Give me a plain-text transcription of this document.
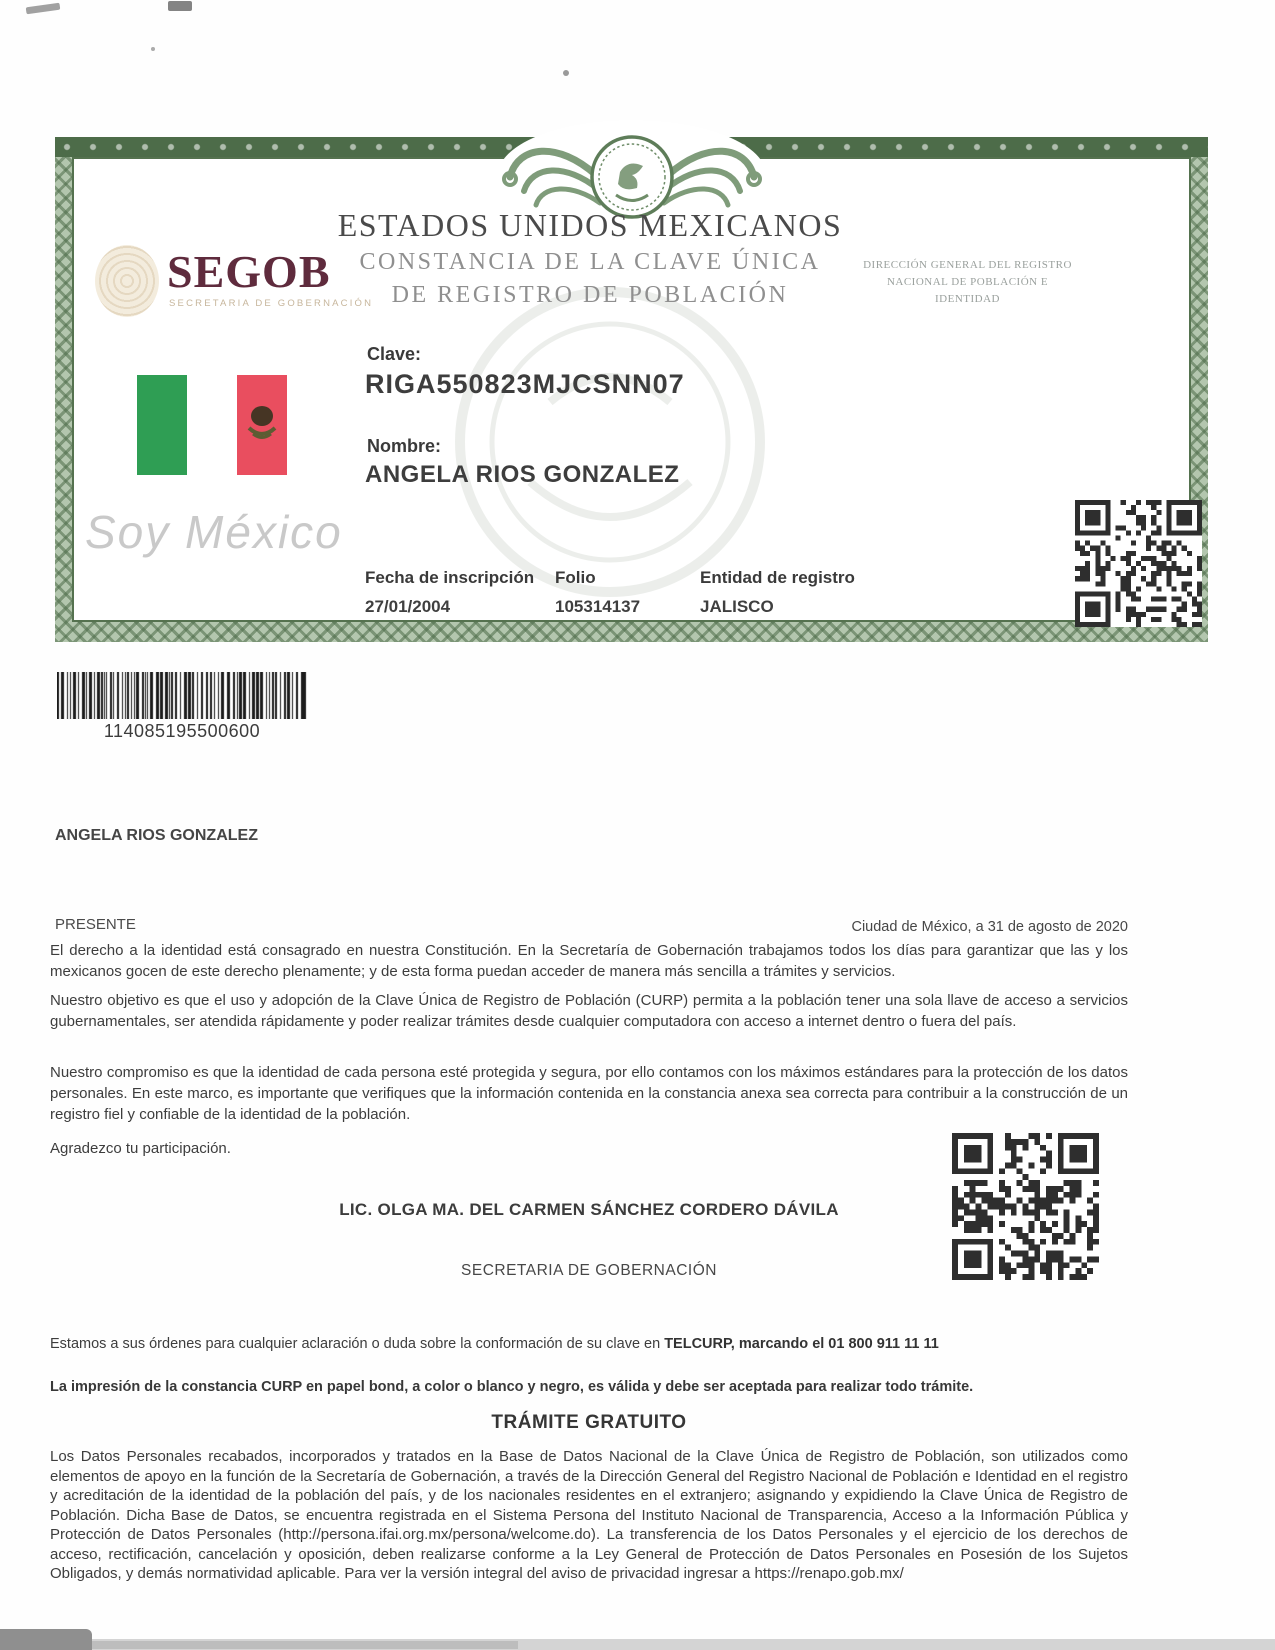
SEGOB
SECRETARIA DE GOBERNACIÓN
ESTADOS UNIDOS MEXICANOS
CONSTANCIA DE LA CLAVE ÚNICA
DE REGISTRO DE POBLACIÓN
DIRECCIÓN GENERAL DEL REGISTRO NACIONAL DE POBLACIÓN E IDENTIDAD
Clave:
RIGA550823MJCSNN07
Nombre:
ANGELA RIOS GONZALEZ
Soy México
Fecha de inscripción
27/01/2004
Folio
105314137
Entidad de registro
JALISCO
114085195500600
ANGELA RIOS GONZALEZ
PRESENTE	Ciudad de México, a 31 de agosto de 2020

El derecho a la identidad está consagrado en nuestra Constitución. En la Secretaría de Gobernación trabajamos todos los días para garantizar que las y los mexicanos gocen de este derecho plenamente; y de esta forma puedan acceder de manera más sencilla a trámites y servicios.

Nuestro objetivo es que el uso y adopción de la Clave Única de Registro de Población (CURP) permita a la población tener una sola llave de acceso a servicios gubernamentales, ser atendida rápidamente y poder realizar trámites desde cualquier computadora con acceso a internet dentro o fuera del país.

Nuestro compromiso es que la identidad de cada persona esté protegida y segura, por ello contamos con los máximos estándares para la protección de los datos personales. En este marco, es importante que verifiques que la información contenida en la constancia anexa sea correcta para contribuir a la construcción de un registro fiel y confiable de la identidad de la población.

Agradezco tu participación.
LIC. OLGA MA. DEL CARMEN SÁNCHEZ CORDERO DÁVILA
SECRETARIA DE GOBERNACIÓN
Estamos a sus órdenes para cualquier aclaración o duda sobre la conformación de su clave en TELCURP, marcando el 01 800 911 11 11
La impresión de la constancia CURP en papel bond, a color o blanco y negro, es válida y debe ser aceptada para realizar todo trámite.
TRÁMITE GRATUITO

Los Datos Personales recabados, incorporados y tratados en la Base de Datos Nacional de la Clave Única de Registro de Población, son utilizados como elementos de apoyo en la función de la Secretaría de Gobernación, a través de la Dirección General del Registro Nacional de Población e Identidad en el registro y acreditación de la identidad de la población del país, y de los nacionales residentes en el extranjero; asignando y expidiendo la Clave Única de Registro de Población. Dicha Base de Datos, se encuentra registrada en el Sistema Persona del Instituto Nacional de Transparencia, Acceso a la Información Pública y Protección de Datos Personales (http://persona.ifai.org.mx/persona/welcome.do). La transferencia de los Datos Personales y el ejercicio de los derechos de acceso, rectificación, cancelación y oposición, deben realizarse conforme a la Ley General de Protección de Datos Personales en Posesión de los Sujetos Obligados, y demás normatividad aplicable. Para ver la versión integral del aviso de privacidad ingresar a https://renapo.gob.mx/
